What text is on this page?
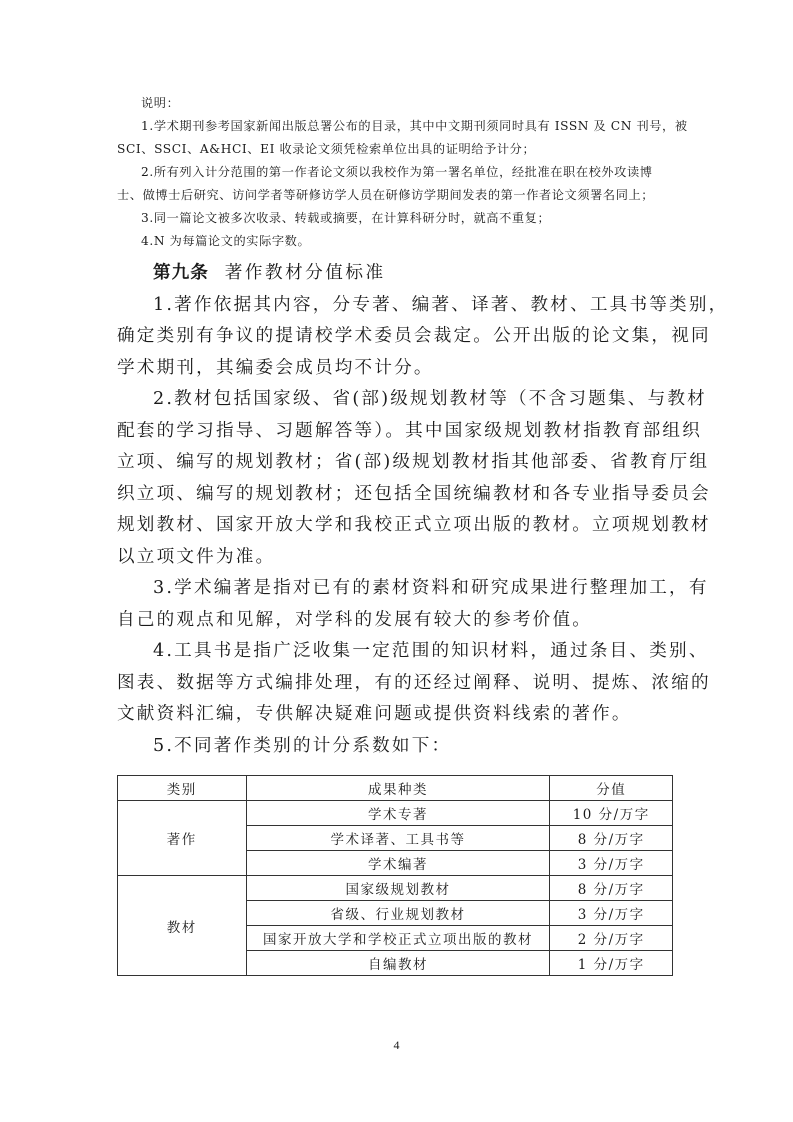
说明：
1.学术期刊参考国家新闻出版总署公布的目录，其中中文期刊须同时具有 ISSN 及 CN 刊号，被
SCI、SSCI、A&HCI、EI 收录论文须凭检索单位出具的证明给予计分；
2.所有列入计分范围的第一作者论文须以我校作为第一署名单位，经批准在职在校外攻读博
士、做博士后研究、访问学者等研修访学人员在研修访学期间发表的第一作者论文须署名同上；
3.同一篇论文被多次收录、转载或摘要，在计算科研分时，就高不重复；
4.N 为每篇论文的实际字数。
第九条 著作教材分值标准
1.著作依据其内容，分专著、编著、译著、教材、工具书等类别，
确定类别有争议的提请校学术委员会裁定。公开出版的论文集，视同
学术期刊，其编委会成员均不计分。
2.教材包括国家级、省(部)级规划教材等（不含习题集、与教材
配套的学习指导、习题解答等）。其中国家级规划教材指教育部组织
立项、编写的规划教材；省(部)级规划教材指其他部委、省教育厅组
织立项、编写的规划教材；还包括全国统编教材和各专业指导委员会
规划教材、国家开放大学和我校正式立项出版的教材。立项规划教材
以立项文件为准。
3.学术编著是指对已有的素材资料和研究成果进行整理加工，有
自己的观点和见解，对学科的发展有较大的参考价值。
4.工具书是指广泛收集一定范围的知识材料，通过条目、类别、
图表、数据等方式编排处理，有的还经过阐释、说明、提炼、浓缩的
文献资料汇编，专供解决疑难问题或提供资料线索的著作。
5.不同著作类别的计分系数如下：
类别	成果种类	分值
著作	学术专著	10 分/万字
	学术译著、工具书等	8 分/万字
	学术编著	3 分/万字
教材	国家级规划教材	8 分/万字
	省级、行业规划教材	3 分/万字
	国家开放大学和学校正式立项出版的教材	2 分/万字
	自编教材	1 分/万字
4
